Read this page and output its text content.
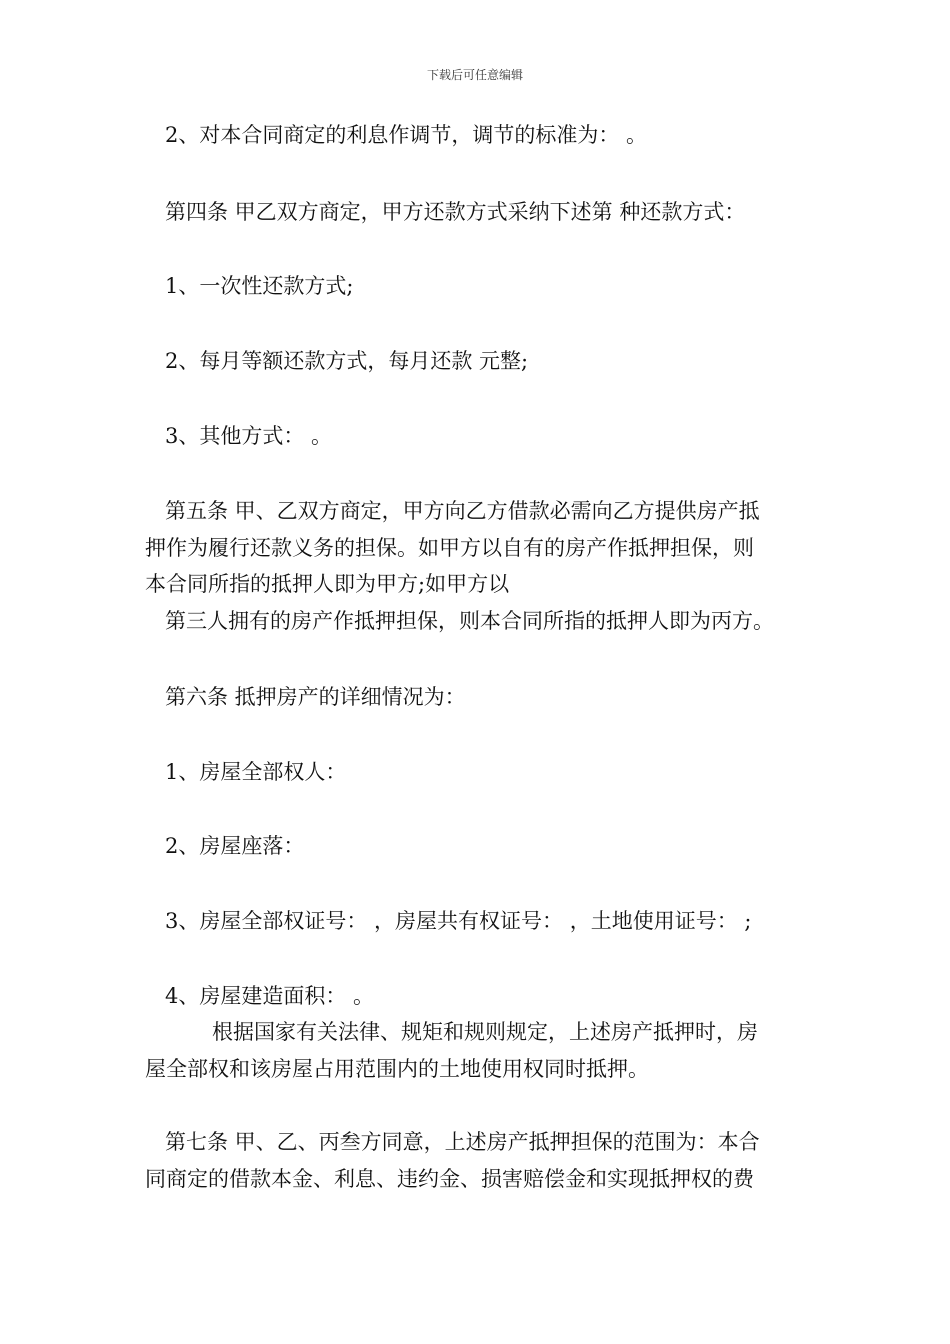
下载后可任意编辑
2、对本合同商定的利息作调节，调节的标准为： 。
第四条 甲乙双方商定，甲方还款方式采纳下述第 种还款方式：
1、一次性还款方式;
2、每月等额还款方式，每月还款 元整;
3、其他方式： 。
第五条 甲、乙双方商定，甲方向乙方借款必需向乙方提供房产抵
押作为履行还款义务的担保。如甲方以自有的房产作抵押担保，则
本合同所指的抵押人即为甲方;如甲方以
第三人拥有的房产作抵押担保，则本合同所指的抵押人即为丙方。
第六条 抵押房产的详细情况为：
1、房屋全部权人：
2、房屋座落：
3、房屋全部权证号： ，房屋共有权证号： ，土地使用证号： ;
4、房屋建造面积： 。
根据国家有关法律、规矩和规则规定，上述房产抵押时，房
屋全部权和该房屋占用范围内的土地使用权同时抵押。
第七条 甲、乙、丙叁方同意，上述房产抵押担保的范围为：本合
同商定的借款本金、利息、违约金、损害赔偿金和实现抵押权的费
